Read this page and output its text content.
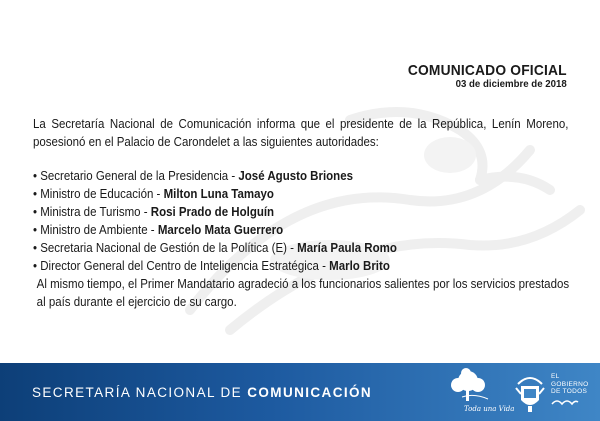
COMUNICADO OFICIAL
03 de diciembre de 2018

La Secretaría Nacional de Comunicación informa que el presidente de la República, Lenín Moreno, posesionó en el Palacio de Carondelet a las siguientes autoridades:

• Secretario General de la Presidencia - José Agusto Briones
• Ministro de Educación - Milton Luna Tamayo
• Ministra de Turismo - Rosi Prado de Holguín
• Ministro de Ambiente - Marcelo Mata Guerrero
• Secretaria Nacional de Gestión de la Política (E) - María Paula Romo
• Director General del Centro de Inteligencia Estratégica - Marlo Brito

Al mismo tiempo, el Primer Mandatario agradeció a los funcionarios salientes por los servicios prestados al país durante el ejercicio de su cargo.

SECRETARÍA NACIONAL DE COMUNICACIÓN
Toda una Vida
EL
GOBIERNO
DE TODOS
